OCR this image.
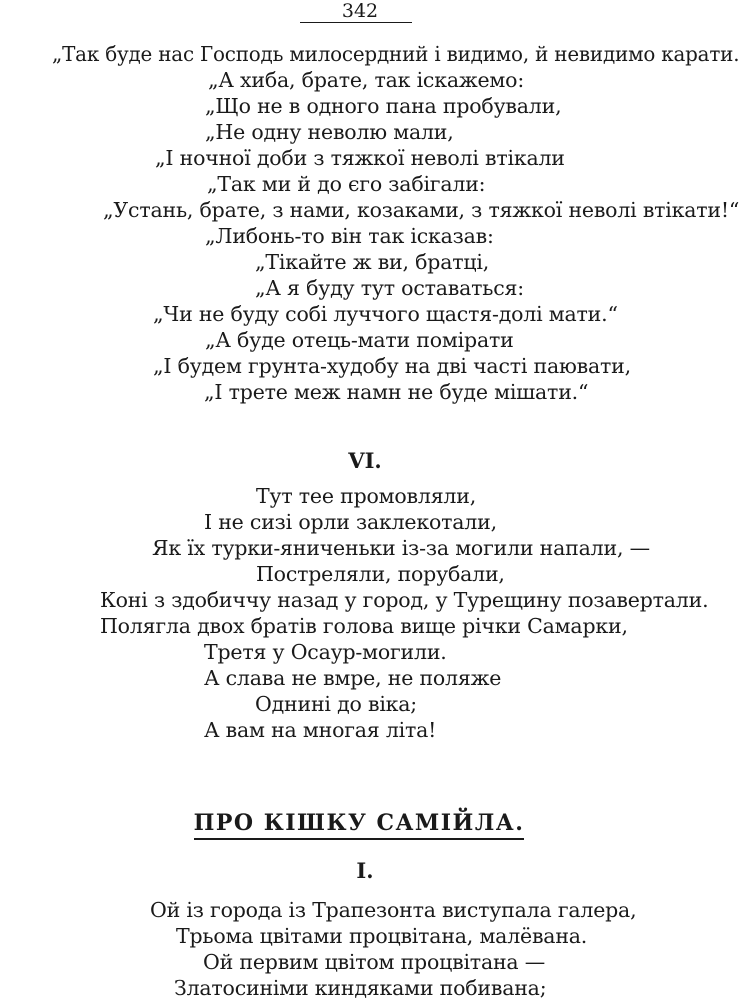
342
„Так буде нас Господь милосердний і видимо, й невидимо карати.
„А хиба, брате, так іскажемо:
„Що не в одного пана пробували,
„Не одну неволю мали,
„І ночної доби з тяжкої неволі втікали
„Так ми й до єго забігали:
„Устань, брате, з нами, козаками, з тяжкої неволі втікати!“
„Либонь-то він так ісказав:
„Тікайте ж ви, братці,
„А я буду тут оставаться:
„Чи не буду собі луччого щастя-долі мати.“
„А буде отець-мати помірати
„І будем грунта-худобу на дві часті паювати,
„І трете меж намн не буде мішати.“
VI.
Тут тее промовляли,
І не сизі орли заклекотали,
Як їх турки-яниченьки із-за могили напали, —
Постреляли, порубали,
Коні з здобиччу назад у город, у Турещину позавертали.
Полягла двох братів голова вище річки Самарки,
Третя у Осаур-могили.
А слава не вмре, не поляже
Однині до віка;
А вам на многая літа!
ПРО КІШКУ САМІЙЛА.
I.
Ой із города із Трапезонта виступала галера,
Трьома цвітами процвітана, малёвана.
Ой первим цвітом процвітана —
Златосиніми киндяками побивана;
